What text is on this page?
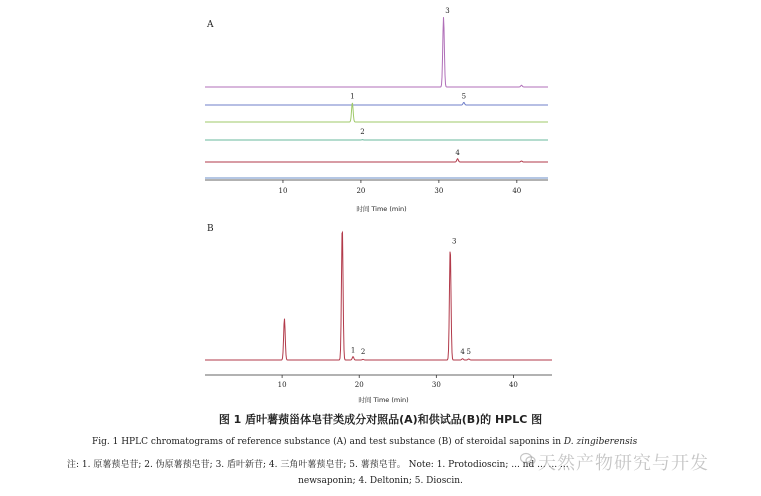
A
3
5
1
2
4
10	20	30	40
时间 Time (min)
B
1 2
3
4 5
10	20	30	40
时间 Time (min)
图 1 盾叶薯蓣甾体皂苷类成分对照品(A)和供试品(B)的 HPLC 图
Fig. 1 HPLC chromatograms of reference substance (A) and test substance (B) of steroidal saponins in D. zingiberensis
注: 1. 原薯蓣皂苷; 2. 伪原薯蓣皂苷; 3. 盾叶新苷; 4. 三角叶薯蓣皂苷; 5. 薯蓣皂苷。 Note: 1. Protodioscin; ... nd ... ... ...
newsaponin; 4. Deltonin; 5. Dioscin.
天然产物研究与开发
